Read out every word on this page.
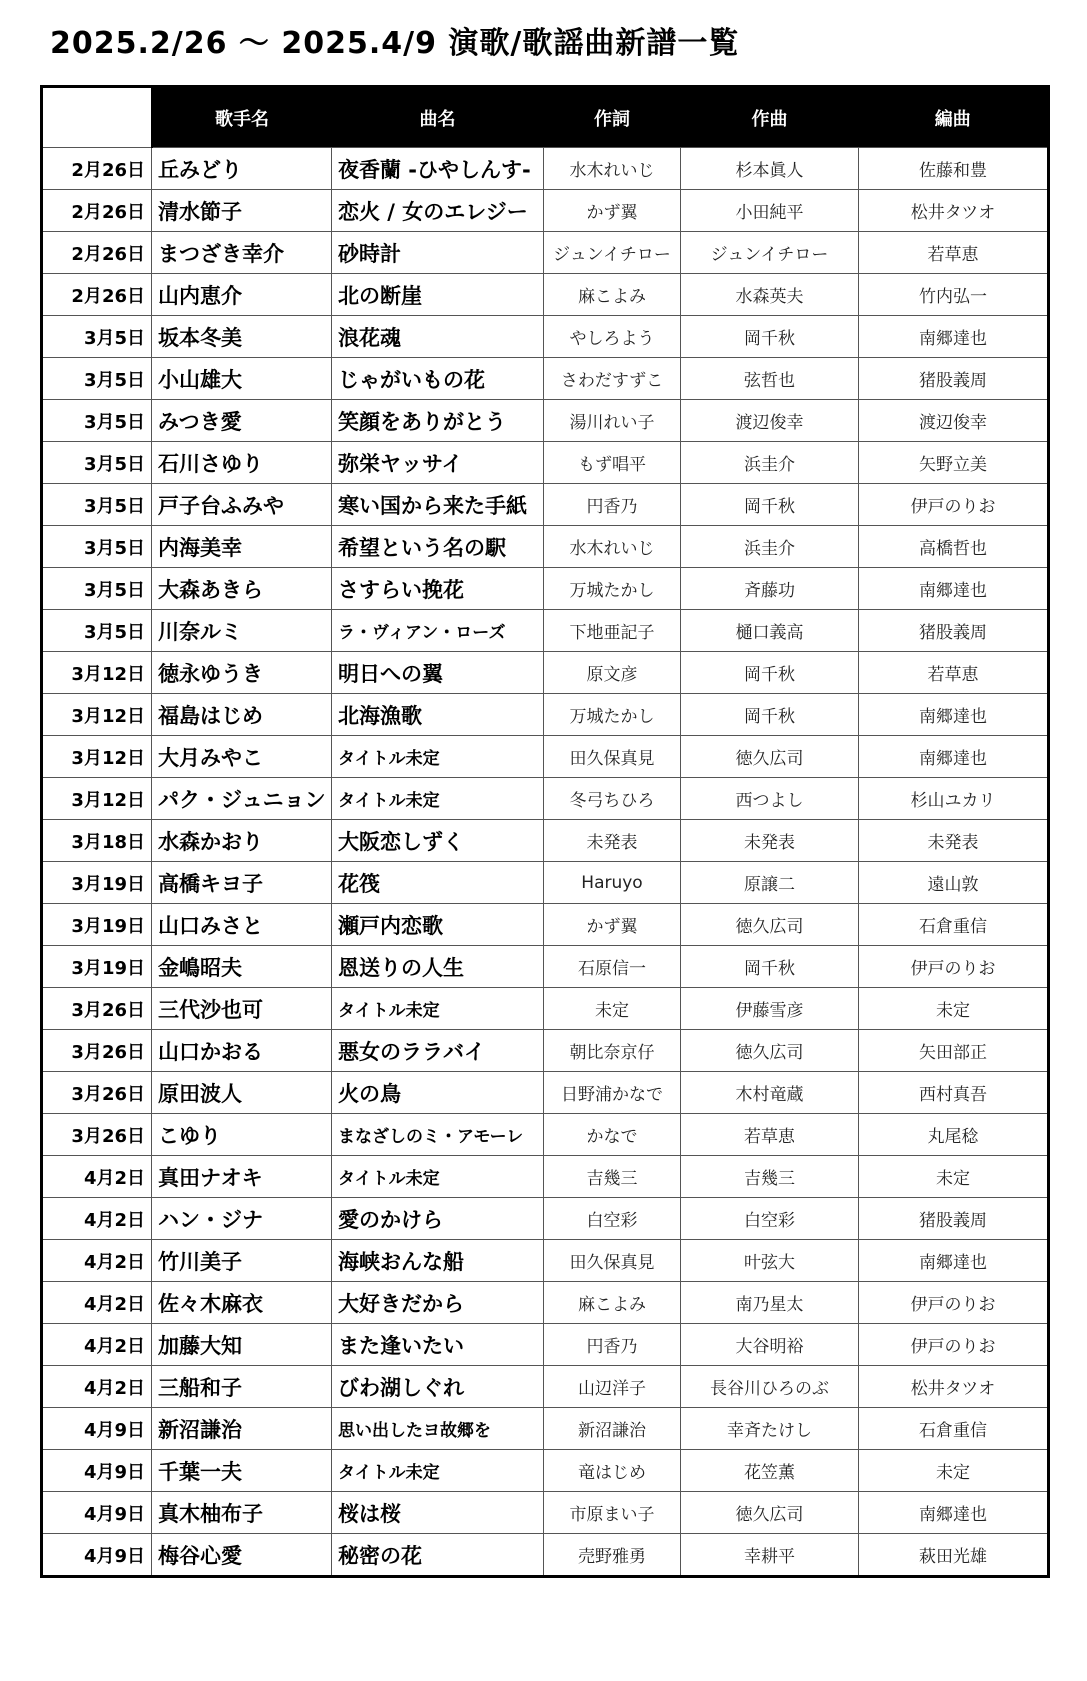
2025.2/26 ～ 2025.4/9 演歌/歌謡曲新譜一覧
	歌手名	曲名	作詞	作曲	編曲
2月26日	丘みどり	夜香蘭 -ひやしんす-	水木れいじ	杉本眞人	佐藤和豊
2月26日	清水節子	恋火 / 女のエレジー	かず翼	小田純平	松井タツオ
2月26日	まつざき幸介	砂時計	ジュンイチロー	ジュンイチロー	若草恵
2月26日	山内恵介	北の断崖	麻こよみ	水森英夫	竹内弘一
3月5日	坂本冬美	浪花魂	やしろよう	岡千秋	南郷達也
3月5日	小山雄大	じゃがいもの花	さわだすずこ	弦哲也	猪股義周
3月5日	みつき愛	笑顔をありがとう	湯川れい子	渡辺俊幸	渡辺俊幸
3月5日	石川さゆり	弥栄ヤッサイ	もず唱平	浜圭介	矢野立美
3月5日	戸子台ふみや	寒い国から来た手紙	円香乃	岡千秋	伊戸のりお
3月5日	内海美幸	希望という名の駅	水木れいじ	浜圭介	高橋哲也
3月5日	大森あきら	さすらい挽花	万城たかし	斉藤功	南郷達也
3月5日	川奈ルミ	ラ・ヴィアン・ローズ	下地亜記子	樋口義高	猪股義周
3月12日	徳永ゆうき	明日への翼	原文彦	岡千秋	若草恵
3月12日	福島はじめ	北海漁歌	万城たかし	岡千秋	南郷達也
3月12日	大月みやこ	タイトル未定	田久保真見	徳久広司	南郷達也
3月12日	パク・ジュニョン	タイトル未定	冬弓ちひろ	西つよし	杉山ユカリ
3月18日	水森かおり	大阪恋しずく	未発表	未発表	未発表
3月19日	高橋キヨ子	花筏	Haruyo	原譲二	遠山敦
3月19日	山口みさと	瀬戸内恋歌	かず翼	徳久広司	石倉重信
3月19日	金嶋昭夫	恩送りの人生	石原信一	岡千秋	伊戸のりお
3月26日	三代沙也可	タイトル未定	未定	伊藤雪彦	未定
3月26日	山口かおる	悪女のララバイ	朝比奈京仔	徳久広司	矢田部正
3月26日	原田波人	火の鳥	日野浦かなで	木村竜蔵	西村真吾
3月26日	こゆり	まなざしのミ・アモーレ	かなで	若草恵	丸尾稔
4月2日	真田ナオキ	タイトル未定	吉幾三	吉幾三	未定
4月2日	ハン・ジナ	愛のかけら	白空彩	白空彩	猪股義周
4月2日	竹川美子	海峡おんな船	田久保真見	叶弦大	南郷達也
4月2日	佐々木麻衣	大好きだから	麻こよみ	南乃星太	伊戸のりお
4月2日	加藤大知	また逢いたい	円香乃	大谷明裕	伊戸のりお
4月2日	三船和子	びわ湖しぐれ	山辺洋子	長谷川ひろのぶ	松井タツオ
4月9日	新沼謙治	思い出したヨ故郷を	新沼謙治	幸斉たけし	石倉重信
4月9日	千葉一夫	タイトル未定	竜はじめ	花笠薫	未定
4月9日	真木柚布子	桜は桜	市原まい子	徳久広司	南郷達也
4月9日	梅谷心愛	秘密の花	売野雅勇	幸耕平	萩田光雄
